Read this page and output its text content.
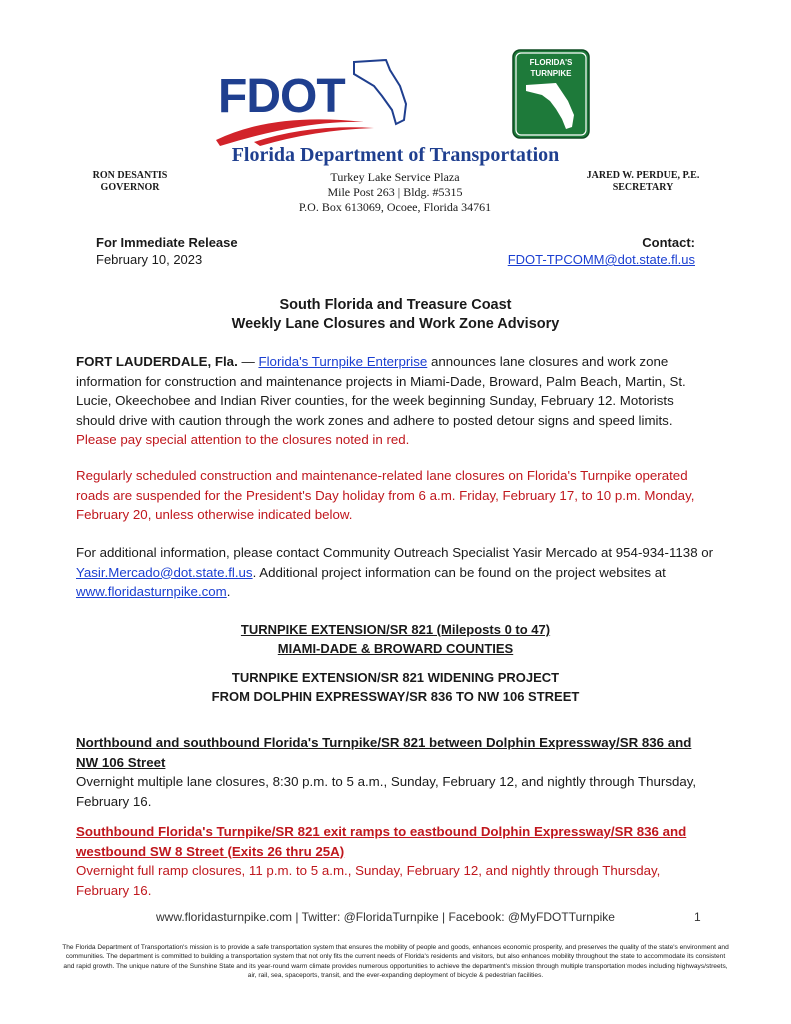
FDOT
FLORIDA'S
TURNPIKE
Florida Department of Transportation
RON DESANTIS
GOVERNOR
Turkey Lake Service Plaza
Mile Post 263 | Bldg. #5315
P.O. Box 613069, Ocoee, Florida 34761
JARED W. PERDUE, P.E.
SECRETARY
For Immediate Release
February 10, 2023
Contact:
FDOT-TPCOMM@dot.state.fl.us
South Florida and Treasure Coast
Weekly Lane Closures and Work Zone Advisory
FORT LAUDERDALE, Fla. — Florida's Turnpike Enterprise announces lane closures and work zone information for construction and maintenance projects in Miami-Dade, Broward, Palm Beach, Martin, St. Lucie, Okeechobee and Indian River counties, for the week beginning Sunday, February 12. Motorists should drive with caution through the work zones and adhere to posted detour signs and speed limits. Please pay special attention to the closures noted in red.
Regularly scheduled construction and maintenance-related lane closures on Florida's Turnpike operated roads are suspended for the President's Day holiday from 6 a.m. Friday, February 17, to 10 p.m. Monday, February 20, unless otherwise indicated below.
For additional information, please contact Community Outreach Specialist Yasir Mercado at 954-934-1138 or Yasir.Mercado@dot.state.fl.us. Additional project information can be found on the project websites at www.floridasturnpike.com.
TURNPIKE EXTENSION/SR 821 (Mileposts 0 to 47)
MIAMI-DADE & BROWARD COUNTIES
TURNPIKE EXTENSION/SR 821 WIDENING PROJECT
FROM DOLPHIN EXPRESSWAY/SR 836 TO NW 106 STREET
Northbound and southbound Florida's Turnpike/SR 821 between Dolphin Expressway/SR 836 and NW 106 Street
Overnight multiple lane closures, 8:30 p.m. to 5 a.m., Sunday, February 12, and nightly through Thursday, February 16.
Southbound Florida's Turnpike/SR 821 exit ramps to eastbound Dolphin Expressway/SR 836 and westbound SW 8 Street (Exits 26 thru 25A)
Overnight full ramp closures, 11 p.m. to 5 a.m., Sunday, February 12, and nightly through Thursday, February 16.
www.floridasturnpike.com | Twitter: @FloridaTurnpike | Facebook: @MyFDOTTurnpike	1
The Florida Department of Transportation's mission is to provide a safe transportation system that ensures the mobility of people and goods, enhances economic prosperity, and preserves the quality of the state's environment and communities. The department is committed to building a transportation system that not only fits the current needs of Florida's residents and visitors, but also enhances mobility throughout the state to accommodate its consistent and rapid growth. The unique nature of the Sunshine State and its year-round warm climate provides numerous opportunities to achieve the department's mission through multiple transportation modes including highways/streets, air, rail, sea, spaceports, transit, and the ever-expanding deployment of bicycle & pedestrian facilities.
